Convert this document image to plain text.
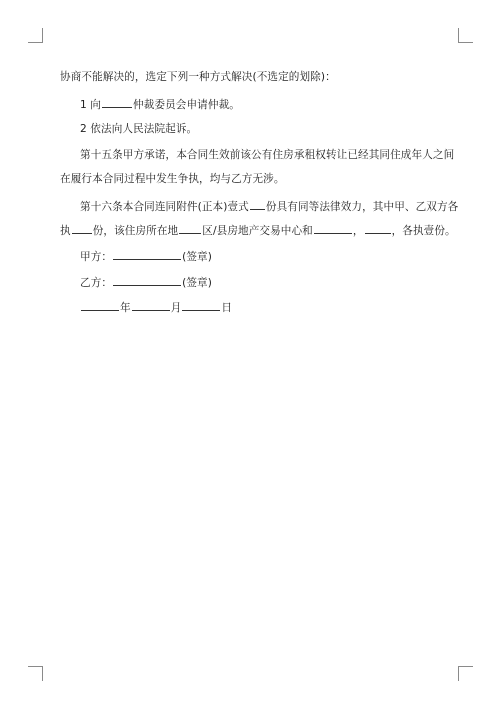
协商不能解决的，选定下列一种方式解决(不选定的划除)：
1 向	仲裁委员会申请仲裁。
2 依法向人民法院起诉。
第十五条甲方承诺，本合同生效前该公有住房承租权转让已经其同住成年人之间
在履行本合同过程中发生争执，均与乙方无涉。
第十六条本合同连同附件(正本)壹式 份具有同等法律效力，其中甲、乙双方各
执 份，该住房所在地 区/县房地产交易中心和	，	，各执壹份。
甲方：	(签章)
乙方：	(签章)
年	月	日
